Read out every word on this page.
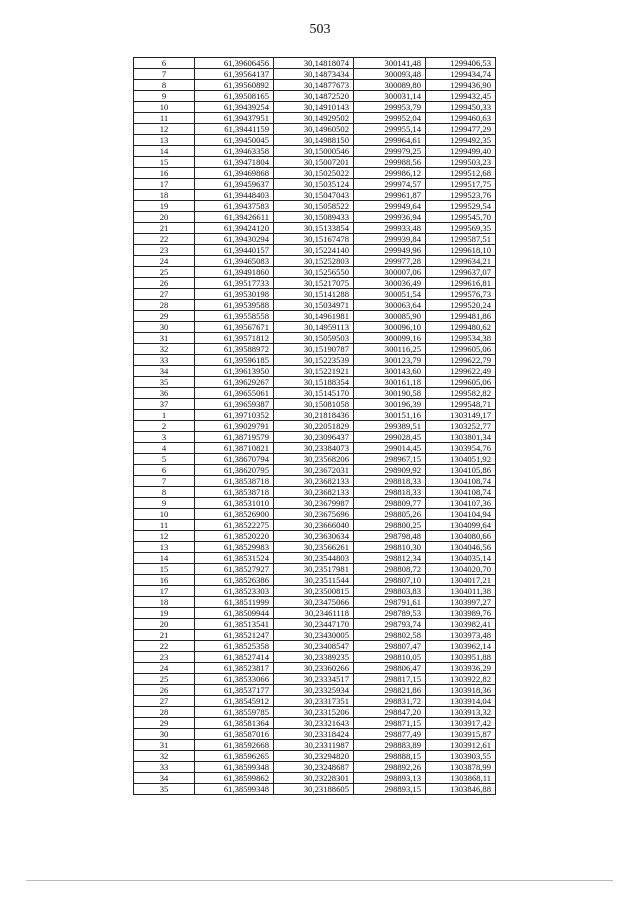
503
6	61,39606456	30,14818074	300141,48	1299406,53
7	61,39564137	30,14873434	300093,48	1299434,74
8	61,39560892	30,14877673	300089,80	1299436,90
9	61,39508165	30,14872520	300031,14	1299432,45
10	61,39439254	30,14910143	299953,79	1299450,33
11	61,39437951	30,14929502	299952,04	1299460,63
12	61,39441159	30,14960502	299955,14	1299477,29
13	61,39450045	30,14988150	299964,61	1299492,35
14	61,39463358	30,15000546	299979,25	1299499,40
15	61,39471804	30,15007201	299988,56	1299503,23
16	61,39469868	30,15025022	299986,12	1299512,68
17	61,39459637	30,15035124	299974,57	1299517,75
18	61,39448403	30,15047043	299961,87	1299523,76
19	61,39437583	30,15058522	299949,64	1299529,54
20	61,39426611	30,15089433	299936,94	1299545,70
21	61,39424120	30,15133854	299933,48	1299569,35
22	61,39430294	30,15167478	299939,84	1299587,51
23	61,39440157	30,15224140	299949,96	1299618,10
24	61,39465083	30,15252803	299977,28	1299634,21
25	61,39491860	30,15256550	300007,06	1299637,07
26	61,39517733	30,15217075	300036,49	1299616,81
27	61,39530198	30,15141288	300051,54	1299576,73
28	61,39539588	30,15034971	300063,64	1299520,24
29	61,39558558	30,14961981	300085,90	1299481,86
30	61,39567671	30,14959113	300096,10	1299480,62
31	61,39571812	30,15059503	300099,16	1299534,38
32	61,39588972	30,15190787	300116,25	1299605,06
33	61,39596185	30,15223539	300123,79	1299622,79
34	61,39613950	30,15221921	300143,60	1299622,49
35	61,39629267	30,15188354	300161,18	1299605,06
36	61,39655061	30,15145170	300190,58	1299582,82
37	61,39659387	30,15081058	300196,39	1299548,71
1	61,39710352	30,21818436	300151,16	1303149,17
2	61,39029791	30,22051829	299389,51	1303252,77
3	61,38719579	30,23096437	299028,45	1303801,34
4	61,38710821	30,23384073	299014,45	1303954,76
5	61,38670794	30,23568206	298967,15	1304051,92
6	61,38620795	30,23672031	298909,92	1304105,86
7	61,38538718	30,23682133	298818,33	1304108,74
8	61,38538718	30,23682133	298818,33	1304108,74
9	61,38531010	30,23679987	298809,77	1304107,36
10	61,38526900	30,23675696	298805,26	1304104,94
11	61,38522275	30,23666040	298800,25	1304099,64
12	61,38520220	30,23630634	298798,48	1304080,66
13	61,38529983	30,23566261	298810,30	1304046,56
14	61,38531524	30,23544803	298812,34	1304035,14
15	61,38527927	30,23517981	298808,72	1304020,70
16	61,38526386	30,23511544	298807,10	1304017,21
17	61,38523303	30,23500815	298803,83	1304011,38
18	61,38511999	30,23475066	298791,61	1303997,27
19	61,38509944	30,23461118	298789,53	1303989,76
20	61,38513541	30,23447170	298793,74	1303982,41
21	61,38521247	30,23430005	298802,58	1303973,48
22	61,38525358	30,23408547	298807,47	1303962,14
23	61,38527414	30,23389235	298810,05	1303951,88
24	61,38523817	30,23360266	298806,47	1303936,29
25	61,38533066	30,23334517	298817,15	1303922,82
26	61,38537177	30,23325934	298821,86	1303918,36
27	61,38545912	30,23317351	298831,72	1303914,04
28	61,38559785	30,23315206	298847,20	1303913,32
29	61,38581364	30,23321643	298871,15	1303917,42
30	61,38587016	30,23318424	298877,49	1303915,87
31	61,38592668	30,23311987	298883,89	1303912,61
32	61,38596265	30,23294820	298888,15	1303903,55
33	61,38599348	30,23248687	298892,26	1303878,99
34	61,38599862	30,23228301	298893,13	1303868,11
35	61,38599348	30,23188605	298893,15	1303846,88
